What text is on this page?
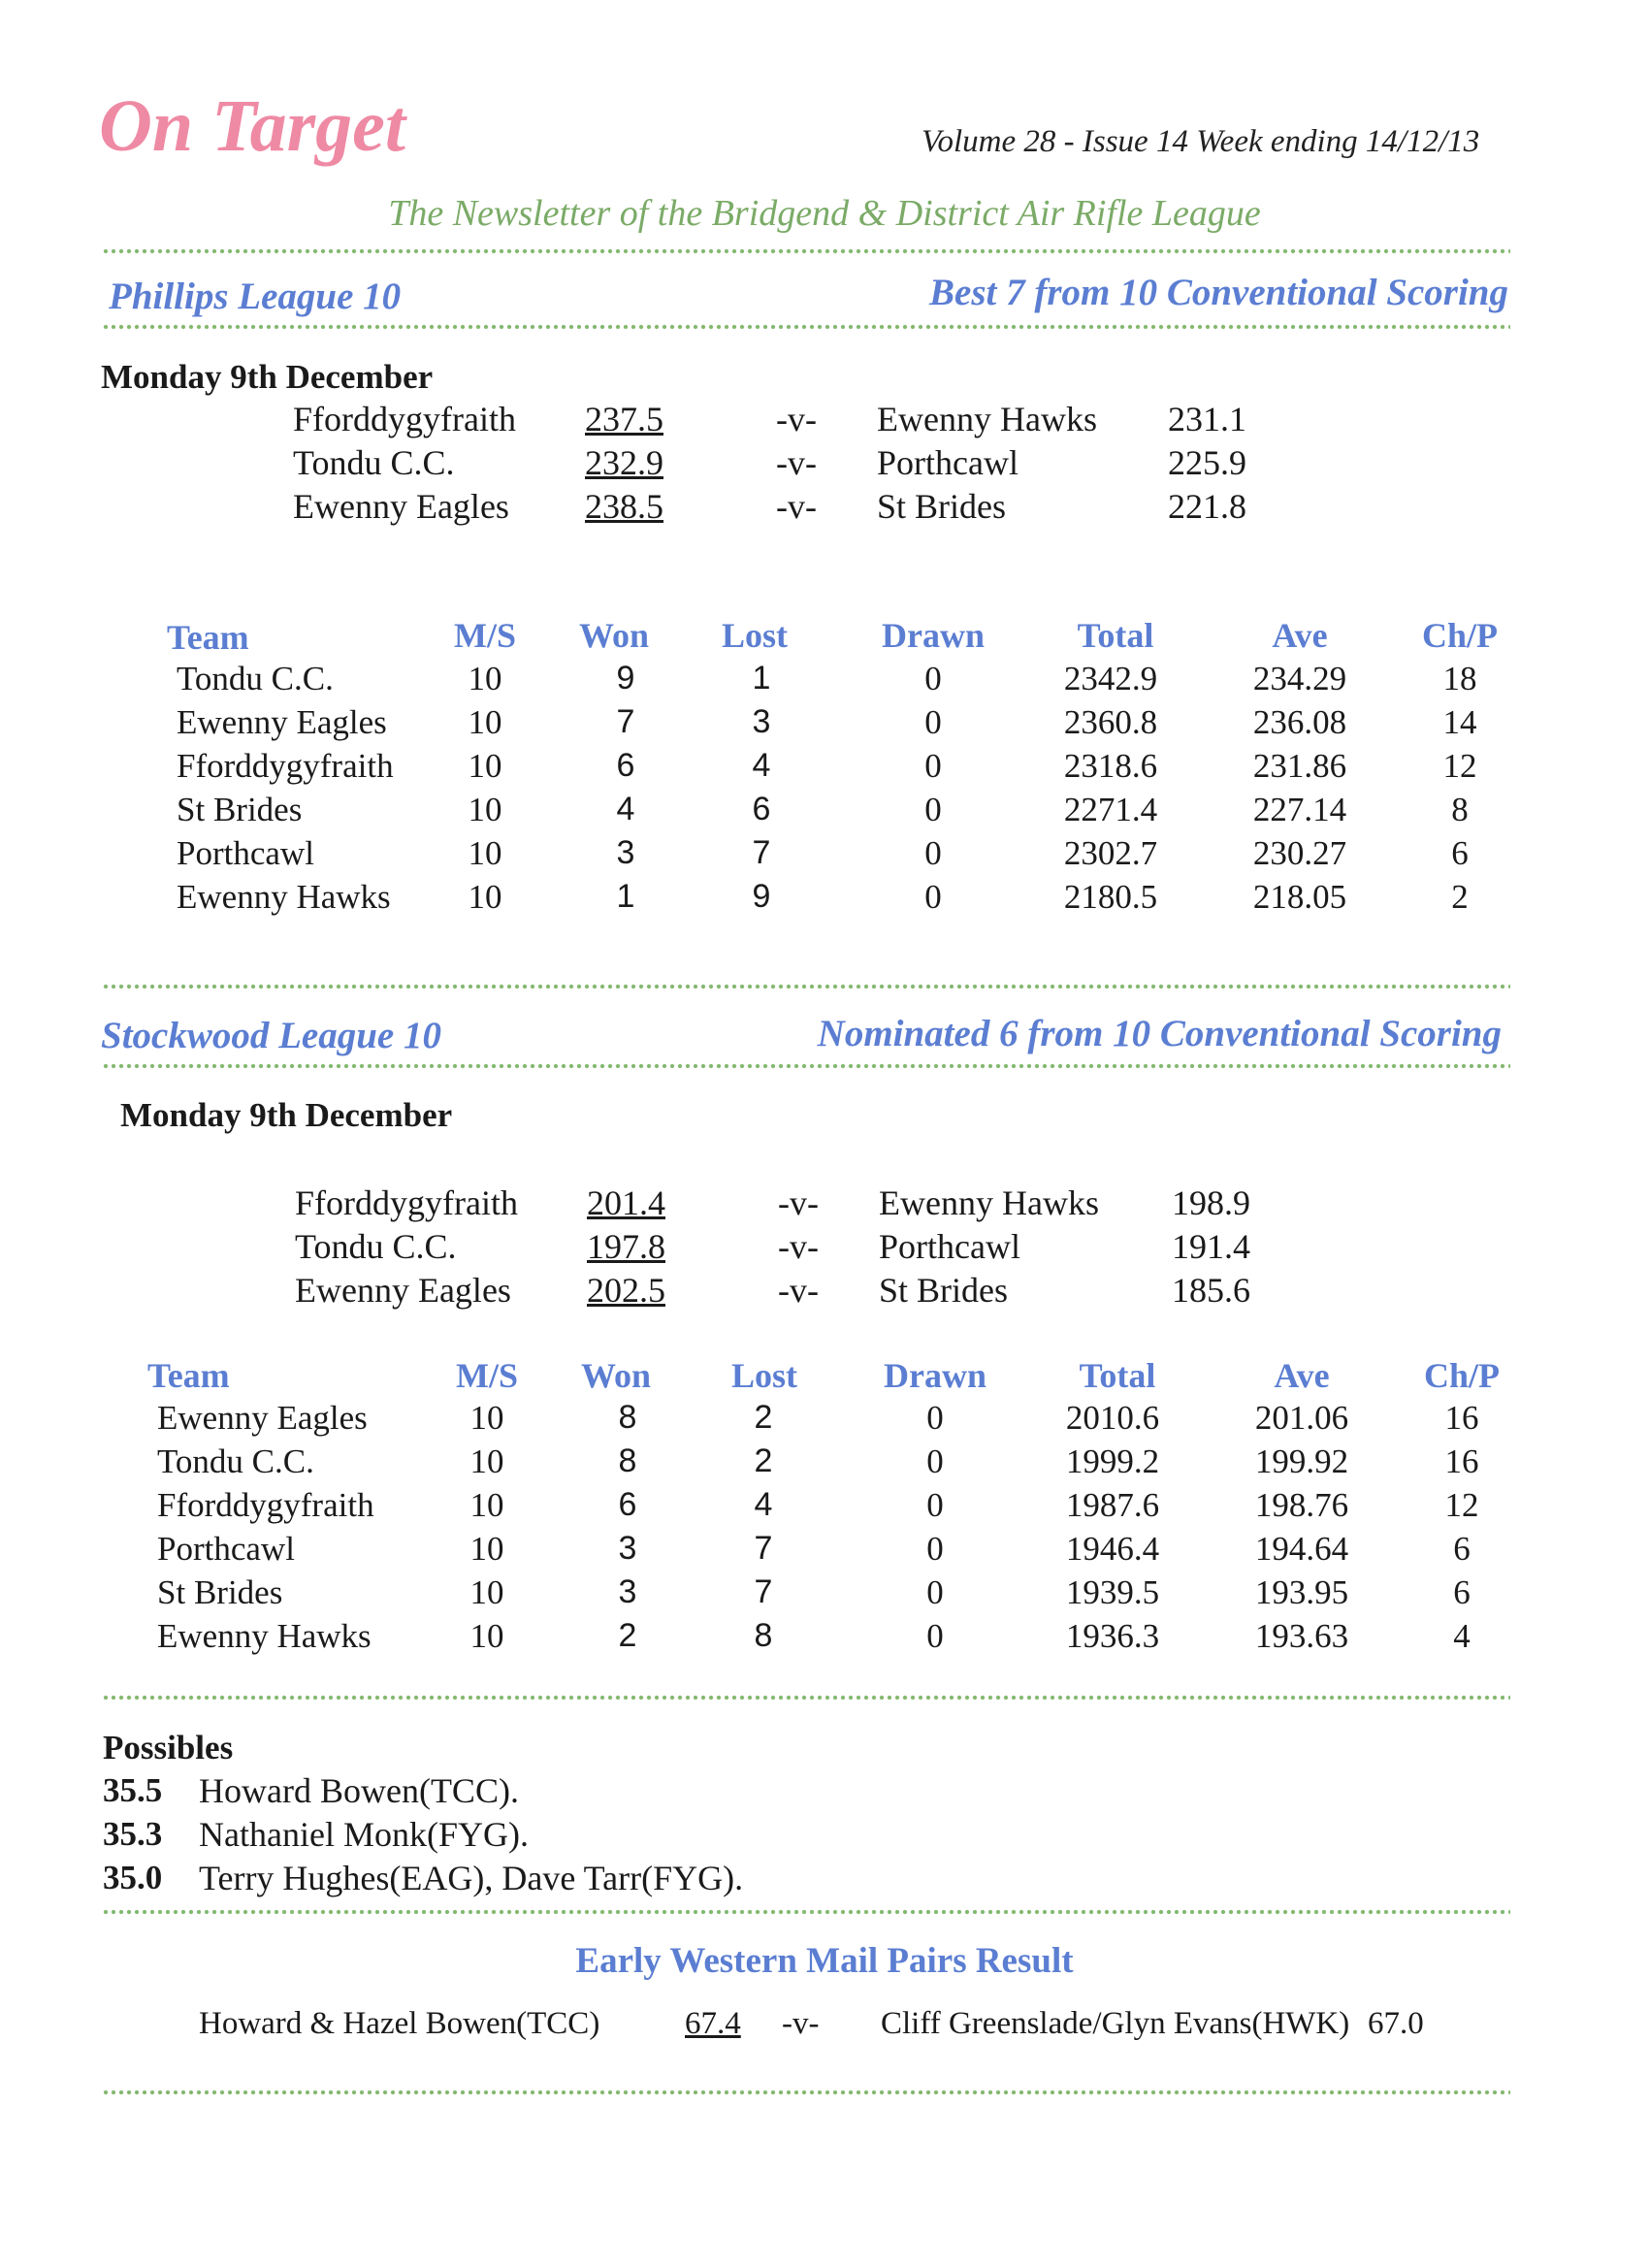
On Target	Volume 28 - Issue 14 Week ending 14/12/13
The Newsletter of the Bridgend & District Air Rifle League
Phillips League 10	Best 7 from 10 Conventional Scoring
Monday 9th December
Fforddygyfraith 237.5	-v- Ewenny Hawks 231.1
Tondu C.C.	232.9	-v- Porthcawl	225.9
Ewenny Eagles 238.5	-v- St Brides	221.8
Team	M/S	Won	Lost	Drawn	Total	Ave	Ch/P
Tondu C.C.	10	9	1	0	2342.9	234.29	18
Ewenny Eagles	10	7	3	0	2360.8	236.08	14
Fforddygyfraith	10	6	4	0	2318.6	231.86	12
St Brides	10	4	6	0	2271.4	227.14	8
Porthcawl	10	3	7	0	2302.7	230.27	6
Ewenny Hawks	10	1	9	0	2180.5	218.05	2
Stockwood League 10	Nominated 6 from 10 Conventional Scoring
Monday 9th December
Fforddygyfraith 201.4	-v- Ewenny Hawks 198.9
Tondu C.C.	197.8	-v- Porthcawl	191.4
Ewenny Eagles 202.5	-v- St Brides	185.6
Team	M/S	Won	Lost	Drawn	Total	Ave	Ch/P
Ewenny Eagles	10	8	2	0	2010.6	201.06	16
Tondu C.C.	10	8	2	0	1999.2	199.92	16
Fforddygyfraith	10	6	4	0	1987.6	198.76	12
Porthcawl	10	3	7	0	1946.4	194.64	6
St Brides	10	3	7	0	1939.5	193.95	6
Ewenny Hawks	10	2	8	0	1936.3	193.63	4
Possibles
35.5 Howard Bowen(TCC).
35.3 Nathaniel Monk(FYG).
35.0 Terry Hughes(EAG), Dave Tarr(FYG).
Early Western Mail Pairs Result
Howard & Hazel Bowen(TCC)	67.4 -v- Cliff Greenslade/Glyn Evans(HWK) 67.0
